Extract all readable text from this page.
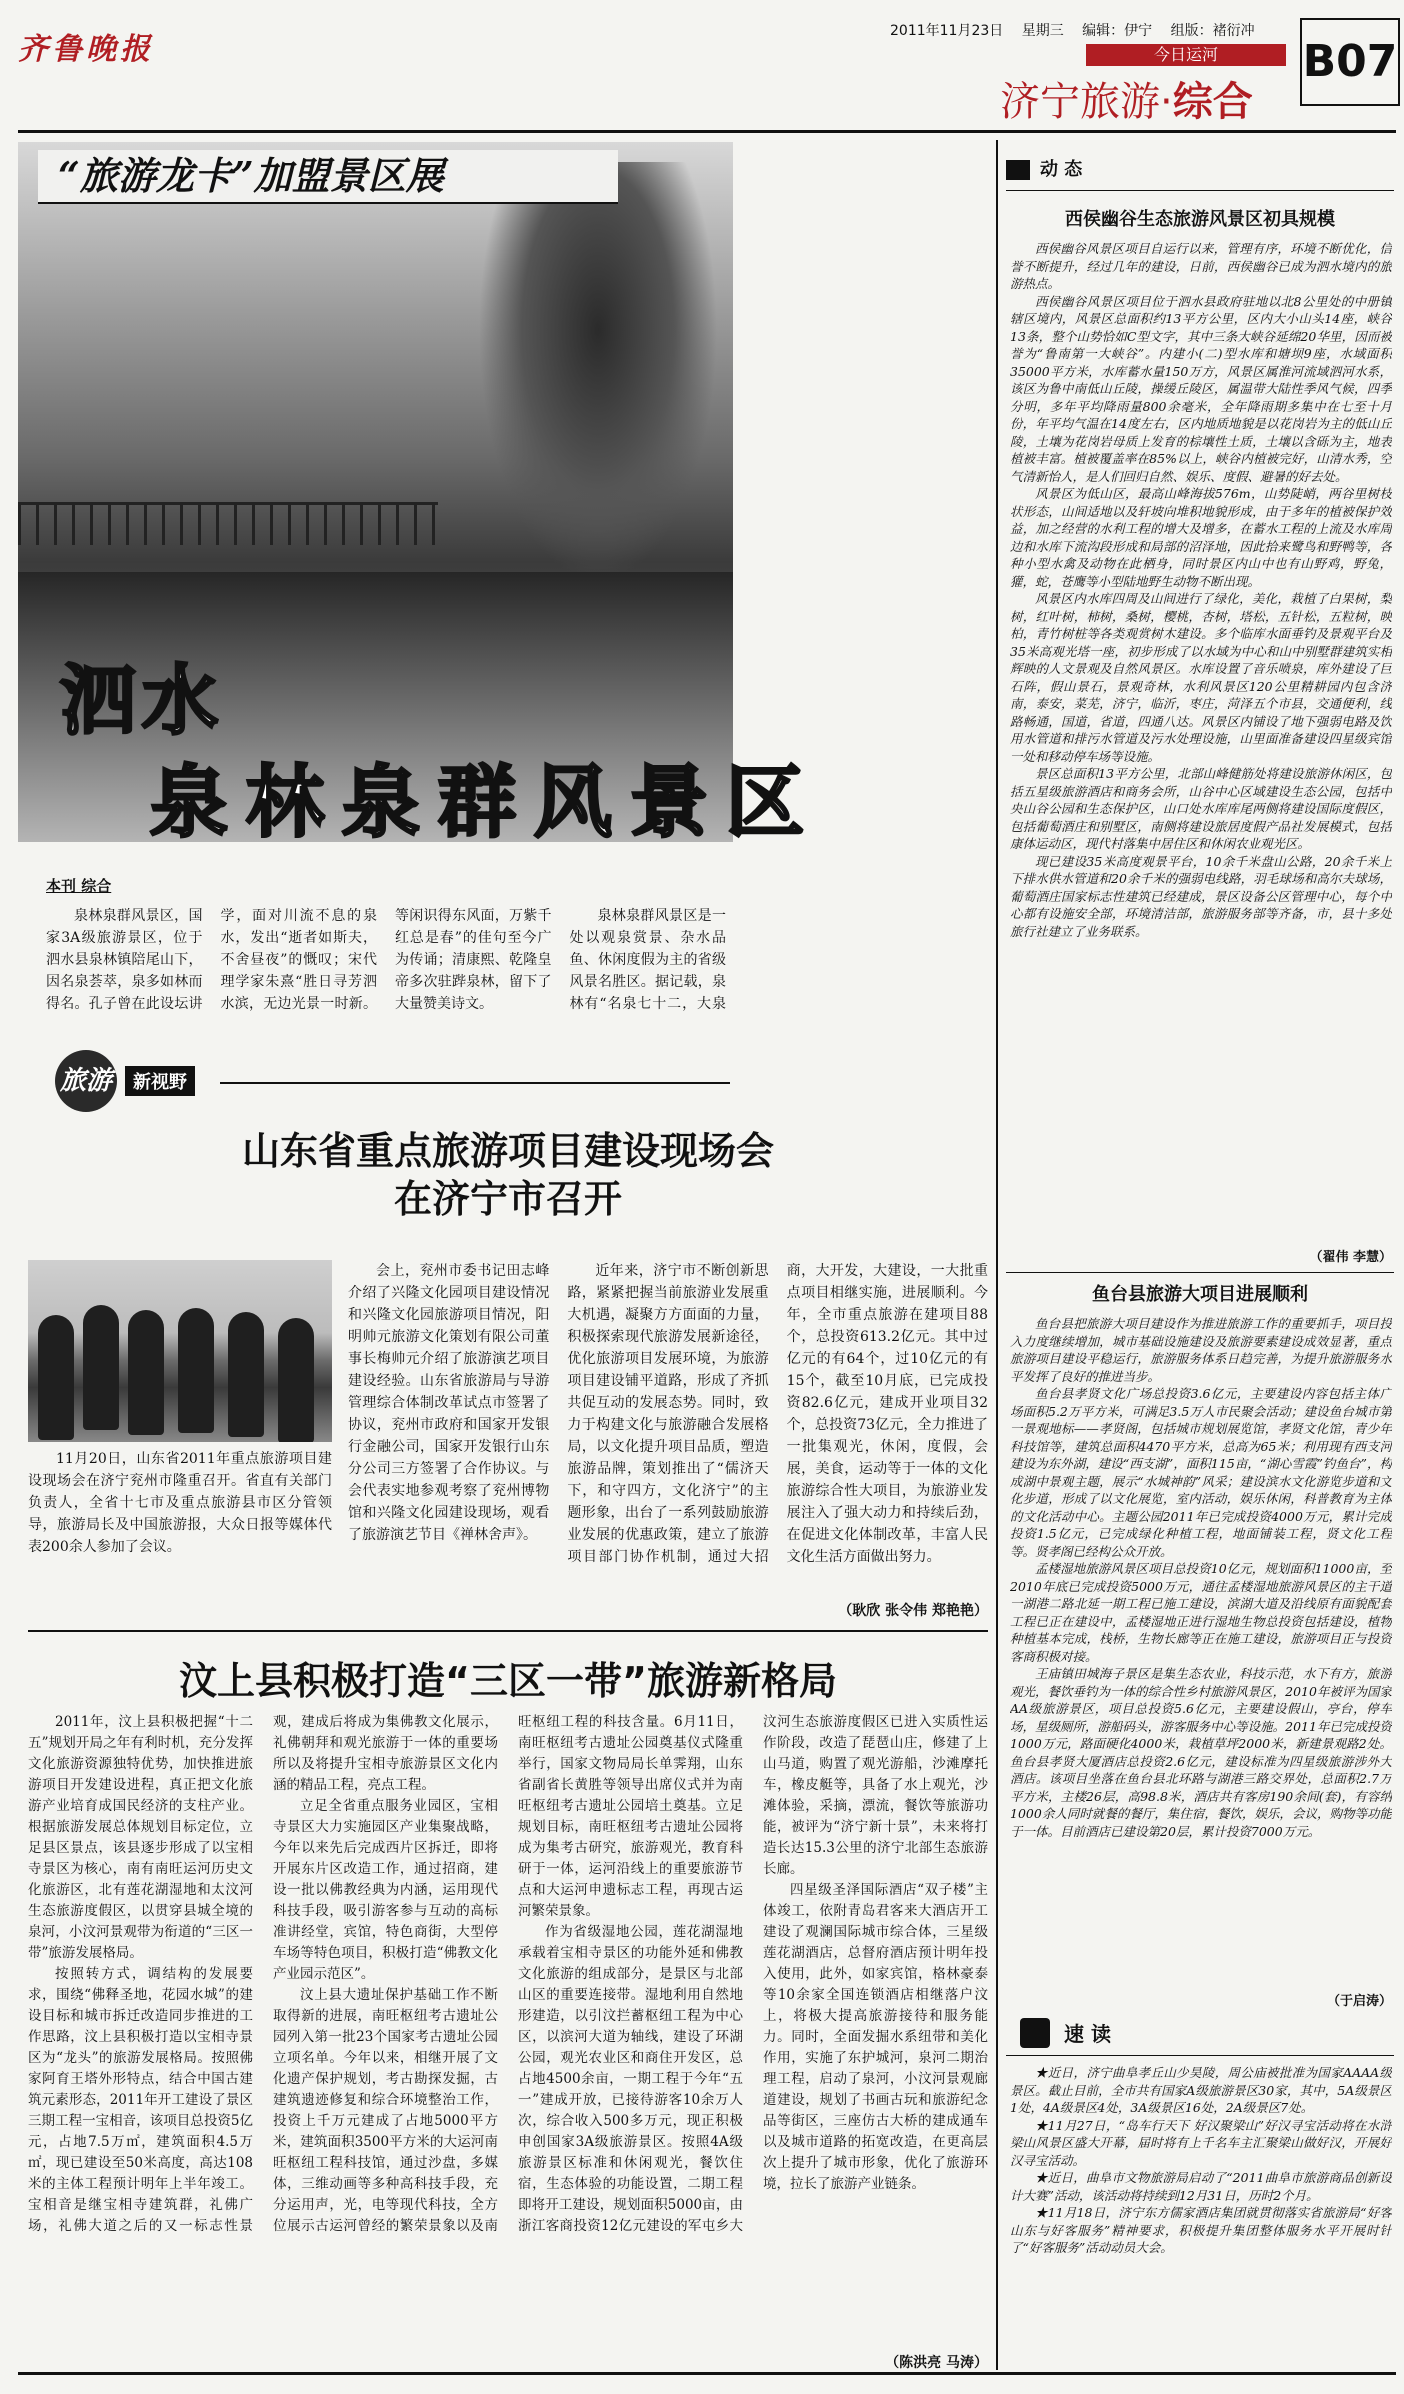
齐鲁晚报
2011年11月23日 星期三 编辑：伊宁 组版：褚衍冲
今日运河
济宁旅游·综合
B07
“旅游龙卡”加盟景区展
泗水
泉林泉群风景区
本刊 综合

泉林泉群风景区，国家3A级旅游景区，位于泗水县泉林镇陪尾山下，因名泉荟萃，泉多如林而得名。孔子曾在此设坛讲学，面对川流不息的泉水，发出“逝者如斯夫，不舍昼夜”的慨叹；宋代理学家朱熹“胜日寻芳泗水滨，无边光景一时新。等闲识得东风面，万紫千红总是春”的佳句至今广为传诵；清康熙、乾隆皇帝多次驻跸泉林，留下了大量赞美诗文。

泉林泉群风景区是一处以观泉赏景、杂水品鱼、休闲度假为主的省级风景名胜区。据记载，泉林有“名泉七十二，大泉

旅游	新视野
山东省重点旅游项目建设现场会
在济宁市召开

11月20日，山东省2011年重点旅游项目建设现场会在济宁兖州市隆重召开。省直有关部门负责人，全省十七市及重点旅游县市区分管领导，旅游局长及中国旅游报，大众日报等媒体代表200余人参加了会议。

会上，兖州市委书记田志峰介绍了兴隆文化园项目建设情况和兴隆文化园旅游项目情况，阳明帅元旅游文化策划有限公司董事长梅帅元介绍了旅游演艺项目建设经验。山东省旅游局与导游管理综合体制改革试点市签署了协议，兖州市政府和国家开发银行金融公司，国家开发银行山东分公司三方签署了合作协议。与会代表实地参观考察了兖州博物馆和兴隆文化园建设现场，观看了旅游演艺节目《禅林舍声》。

近年来，济宁市不断创新思路，紧紧把握当前旅游业发展重大机遇，凝聚方方面面的力量，积极探索现代旅游发展新途径，优化旅游项目发展环境，为旅游项目建设铺平道路，形成了齐抓共促互动的发展态势。同时，致力于构建文化与旅游融合发展格局，以文化提升项目品质，塑造旅游品牌，策划推出了“儒济天下，和守四方，文化济宁”的主题形象，出台了一系列鼓励旅游业发展的优惠政策，建立了旅游项目部门协作机制，通过大招商，大开发，大建设，一大批重点项目相继实施，进展顺利。今年，全市重点旅游在建项目88个，总投资613.2亿元。其中过亿元的有64个，过10亿元的有15个，截至10月底，已完成投资82.6亿元，建成开业项目32个，总投资73亿元，全力推进了一批集观光，休闲，度假，会展，美食，运动等于一体的文化旅游综合性大项目，为旅游业发展注入了强大动力和持续后劲，在促进文化体制改革，丰富人民文化生活方面做出努力。

（耿欣 张令伟 郑艳艳）
汶上县积极打造“三区一带”旅游新格局

2011年，汶上县积极把握“十二五”规划开局之年有利时机，充分发挥文化旅游资源独特优势，加快推进旅游项目开发建设进程，真正把文化旅游产业培育成国民经济的支柱产业。根据旅游发展总体规划目标定位，立足县区景点，该县逐步形成了以宝相寺景区为核心，南有南旺运河历史文化旅游区，北有莲花湖湿地和太汶河生态旅游度假区，以贯穿县城全境的泉河，小汶河景观带为衔道的“三区一带”旅游发展格局。

按照转方式，调结构的发展要求，围绕“佛释圣地，花园水城”的建设目标和城市拆迁改造同步推进的工作思路，汶上县积极打造以宝相寺景区为“龙头”的旅游发展格局。按照佛家阿育王塔外形特点，结合中国古建筑元素形态，2011年开工建设了景区三期工程一宝相音，该项目总投资5亿元，占地7.5万㎡，建筑面积4.5万㎡，现已建设至50米高度，高达108米的主体工程预计明年上半年竣工。宝相音是继宝相寺建筑群，礼佛广场，礼佛大道之后的又一标志性景观，建成后将成为集佛教文化展示，礼佛朝拜和观光旅游于一体的重要场所以及将提升宝相寺旅游景区文化内涵的精品工程，亮点工程。

立足全省重点服务业园区，宝相寺景区大力实施园区产业集聚战略，今年以来先后完成西片区拆迁，即将开展东片区改造工作，通过招商，建设一批以佛教经典为内涵，运用现代科技手段，吸引游客参与互动的高标准讲经堂，宾馆，特色商街，大型停车场等特色项目，积极打造“佛教文化产业园示范区”。

汶上县大遗址保护基础工作不断取得新的进展，南旺枢纽考古遗址公园列入第一批23个国家考古遗址公园立项名单。今年以来，相继开展了文化遗产保护规划，考古勘探发掘，古建筑遗迹修复和综合环境整治工作，投资上千万元建成了占地5000平方米，建筑面积3500平方米的大运河南旺枢纽工程科技馆，通过沙盘，多媒体，三维动画等多种高科技手段，充分运用声，光，电等现代科技，全方位展示古运河曾经的繁荣景象以及南旺枢纽工程的科技含量。6月11日，南旺枢纽考古遗址公园奠基仪式隆重举行，国家文物局局长单霁翔，山东省副省长黄胜等领导出席仪式并为南旺枢纽考古遗址公园培土奠基。立足规划目标，南旺枢纽考古遗址公园将成为集考古研究，旅游观光，教育科研于一体，运河沿线上的重要旅游节点和大运河申遗标志工程，再现古运河繁荣景象。

作为省级湿地公园，莲花湖湿地承载着宝相寺景区的功能外延和佛教文化旅游的组成部分，是景区与北部山区的重要连接带。湿地利用自然地形建造，以引汶拦蓄枢纽工程为中心区，以滨河大道为轴线，建设了环湖公园，观光农业区和商住开发区，总占地4500余亩，一期工程于今年“五一”建成开放，已接待游客10余万人次，综合收入500多万元，现正积极申创国家3A级旅游景区。按照4A级旅游景区标准和休闲观光，餐饮住宿，生态体验的功能设置，二期工程即将开工建设，规划面积5000亩，由浙江客商投资12亿元建设的军屯乡大汶河生态旅游度假区已进入实质性运作阶段，改造了琵琶山庄，修建了上山马道，购置了观光游船，沙滩摩托车，橡皮艇等，具备了水上观光，沙滩体验，采摘，漂流，餐饮等旅游功能，被评为“济宁新十景”，未来将打造长达15.3公里的济宁北部生态旅游长廊。

四星级圣泽国际酒店“双子楼”主体竣工，依附青岛君客来大酒店开工建设了观澜国际城市综合体，三星级莲花湖酒店，总督府酒店预计明年投入使用，此外，如家宾馆，格林豪泰等10余家全国连锁酒店相继落户汶上，将极大提高旅游接待和服务能力。同时，全面发掘水系纽带和美化作用，实施了东护城河，泉河二期治理工程，启动了泉河，小汶河景观廊道建设，规划了书画古玩和旅游纪念品等街区，三座仿古大桥的建成通车以及城市道路的拓宽改造，在更高层次上提升了城市形象，优化了旅游环境，拉长了旅游产业链条。

（陈洪亮 马涛）
动 态
西侯幽谷生态旅游风景区初具规模

西侯幽谷风景区项目自运行以来，管理有序，环境不断优化，信誉不断提升，经过几年的建设，日前，西侯幽谷已成为泗水境内的旅游热点。

西侯幽谷风景区项目位于泗水县政府驻地以北8公里处的中册镇辖区境内，风景区总面积约13平方公里，区内大小山头14座，峡谷13条，整个山势恰如C型文字，其中三条大峡谷延绵20华里，因而被誉为“鲁南第一大峡谷”。内建小(二)型水库和塘坝9座，水域面积35000平方米，水库蓄水量150万方，风景区属淮河流域泗河水系，该区为鲁中南低山丘陵，操缓丘陵区，属温带大陆性季风气候，四季分明，多年平均降雨量800余毫米，全年降雨期多集中在七至十月份，年平均气温在14度左右，区内地质地貌是以花岗岩为主的低山丘陵，土壤为花岗岩母质上发育的棕壤性土质，土壤以含砾为主，地表植被丰富。植被覆盖率在85%以上，峡谷内植被完好，山清水秀，空气清新怡人，是人们回归自然、娱乐、度假、避暑的好去处。

风景区为低山区，最高山峰海拔576m，山势陡峭，两谷里树枝状形态，山间适地以及轩坡向堆积地貌形成，由于多年的植被保护效益，加之经营的水利工程的增大及增多，在蓄水工程的上流及水库周边和水库下流沟段形成和局部的沼泽地，因此拾来鹭鸟和野鸭等，各种小型水禽及动物在此栖身，同时景区内山中也有山野鸡，野兔，獾，蛇，苍鹰等小型陆地野生动物不断出现。

风景区内水库四周及山间进行了绿化，美化，栽植了白果树，梨树，红叶树，柿树，桑树，樱桃，杏树，塔松，五针松，五粒树，映柏，青竹树桩等各类观赏树木建设。多个临库水面垂钓及景观平台及35米高观光塔一座，初步形成了以水域为中心和山中别墅群建筑实相辉映的人文景观及自然风景区。水库设置了音乐喷泉，库外建设了巨石阵，假山景石，景观奇林，水利风景区120公里精耕园内包含济南，泰安，菜芜，济宁，临沂，枣庄，菏泽五个市县，交通便利，线路畅通，国道，省道，四通八达。风景区内铺设了地下强弱电路及饮用水管道和排污水管道及污水处理设施，山里面准备建设四星级宾馆一处和移动停车场等设施。

景区总面积13平方公里，北部山峰健筋处将建设旅游休闲区，包括五星级旅游酒店和商务会所，山谷中心区域建设生态公园，包括中央山谷公园和生态保护区，山口处水库库尾两侧将建设国际度假区，包括葡萄酒庄和别墅区，南侧将建设旅居度假产品社发展模式，包括康体运动区，现代村落集中居住区和休闲农业观光区。

现已建设35米高度观景平台，10余千米盘山公路，20余千米上下排水供水管道和20余千米的强弱电线路，羽毛球场和高尔夫球场，葡萄酒庄国家标志性建筑已经建成，景区设备公区管理中心，每个中心都有设施安全部，环境清洁部，旅游服务部等齐备，市，县十多处旅行社建立了业务联系。

（翟伟 李慧）
鱼台县旅游大项目进展顺利

鱼台县把旅游大项目建设作为推进旅游工作的重要抓手，项目投入力度继续增加，城市基础设施建设及旅游要素建设成效显著，重点旅游项目建设平稳运行，旅游服务体系日趋完善，为提升旅游服务水平发挥了良好的推进当步。

鱼台县孝贤文化广场总投资3.6亿元，主要建设内容包括主体广场面积5.2万平方米，可满足3.5万人市民聚会活动；建设鱼台城市第一景观地标——孝贤阁，包括城市规划展览馆，孝贤文化馆，青少年科技馆等，建筑总面积4470平方米，总高为65米；利用现有西支河建设为东外湖，建设“西支湖”，面积115亩，“湖心雪霞”钓鱼台”，构成湖中景观主题，展示“水城神韵”风采；建设滨水文化游览步道和文化步道，形成了以文化展览，室内活动，娱乐休闲，科普教育为主体的文化活动中心。主题公园2011年已完成投资4000万元，累计完成投资1.5亿元，已完成绿化种植工程，地面铺装工程，贤文化工程等。贤孝阁已经构公众开放。

孟楼湿地旅游风景区项目总投资10亿元，规划面积11000亩，至2010年底已完成投资5000万元，通往孟楼湿地旅游风景区的主干道一湖港二路北延一期工程已施工建设，滨湖大道及沿线原有面貌配套工程已正在建设中，孟楼湿地正进行湿地生物总投资包括建设，植物种植基本完成，栈桥，生物长廊等正在施工建设，旅游项目正与投资客商积极对接。

王庙镇田城海子景区是集生态农业，科技示范，水下有方，旅游观光，餐饮垂钓为一体的综合性乡村旅游风景区，2010年被评为国家AA级旅游景区，项目总投资5.6亿元，主要建设假山，亭台，停车场，星级厕所，游船码头，游客服务中心等设施。2011年已完成投资1000万元，路面硬化4000米，栽植草坪2000米，新建景观路2处。鱼台县孝贤大厦酒店总投资2.6亿元，建设标准为四星级旅游涉外大酒店。该项目坐落在鱼台县北环路与湖港三路交界处，总面积2.7万平方米，主楼26层，高98.8米，酒店共有客房190余间(套)，有容纳1000余人同时就餐的餐厅，集住宿，餐饮，娱乐，会议，购物等功能于一体。目前酒店已建设第20层，累计投资7000万元。

（于启涛）
速 读

★近日，济宁曲阜孝丘山少昊陵，周公庙被批准为国家AAAA级景区。截止目前，全市共有国家A级旅游景区30家，其中，5A级景区1处，4A级景区4处，3A级景区16处，2A级景区7处。

★11月27日，“岛车行天下 好汉聚梁山”好汉寻宝活动将在水浒梁山风景区盛大开幕，届时将有上千名车主汇聚梁山做好汉，开展好汉寻宝活动。

★近日，曲阜市文物旅游局启动了“2011曲阜市旅游商品创新设计大赛”活动，该活动将持续到12月31日，历时2个月。

★11月18日，济宁东方儒家酒店集团就贯彻落实省旅游局“好客山东与好客服务”精神要求，积极提升集团整体服务水平开展时针了“好客服务”活动动员大会。
